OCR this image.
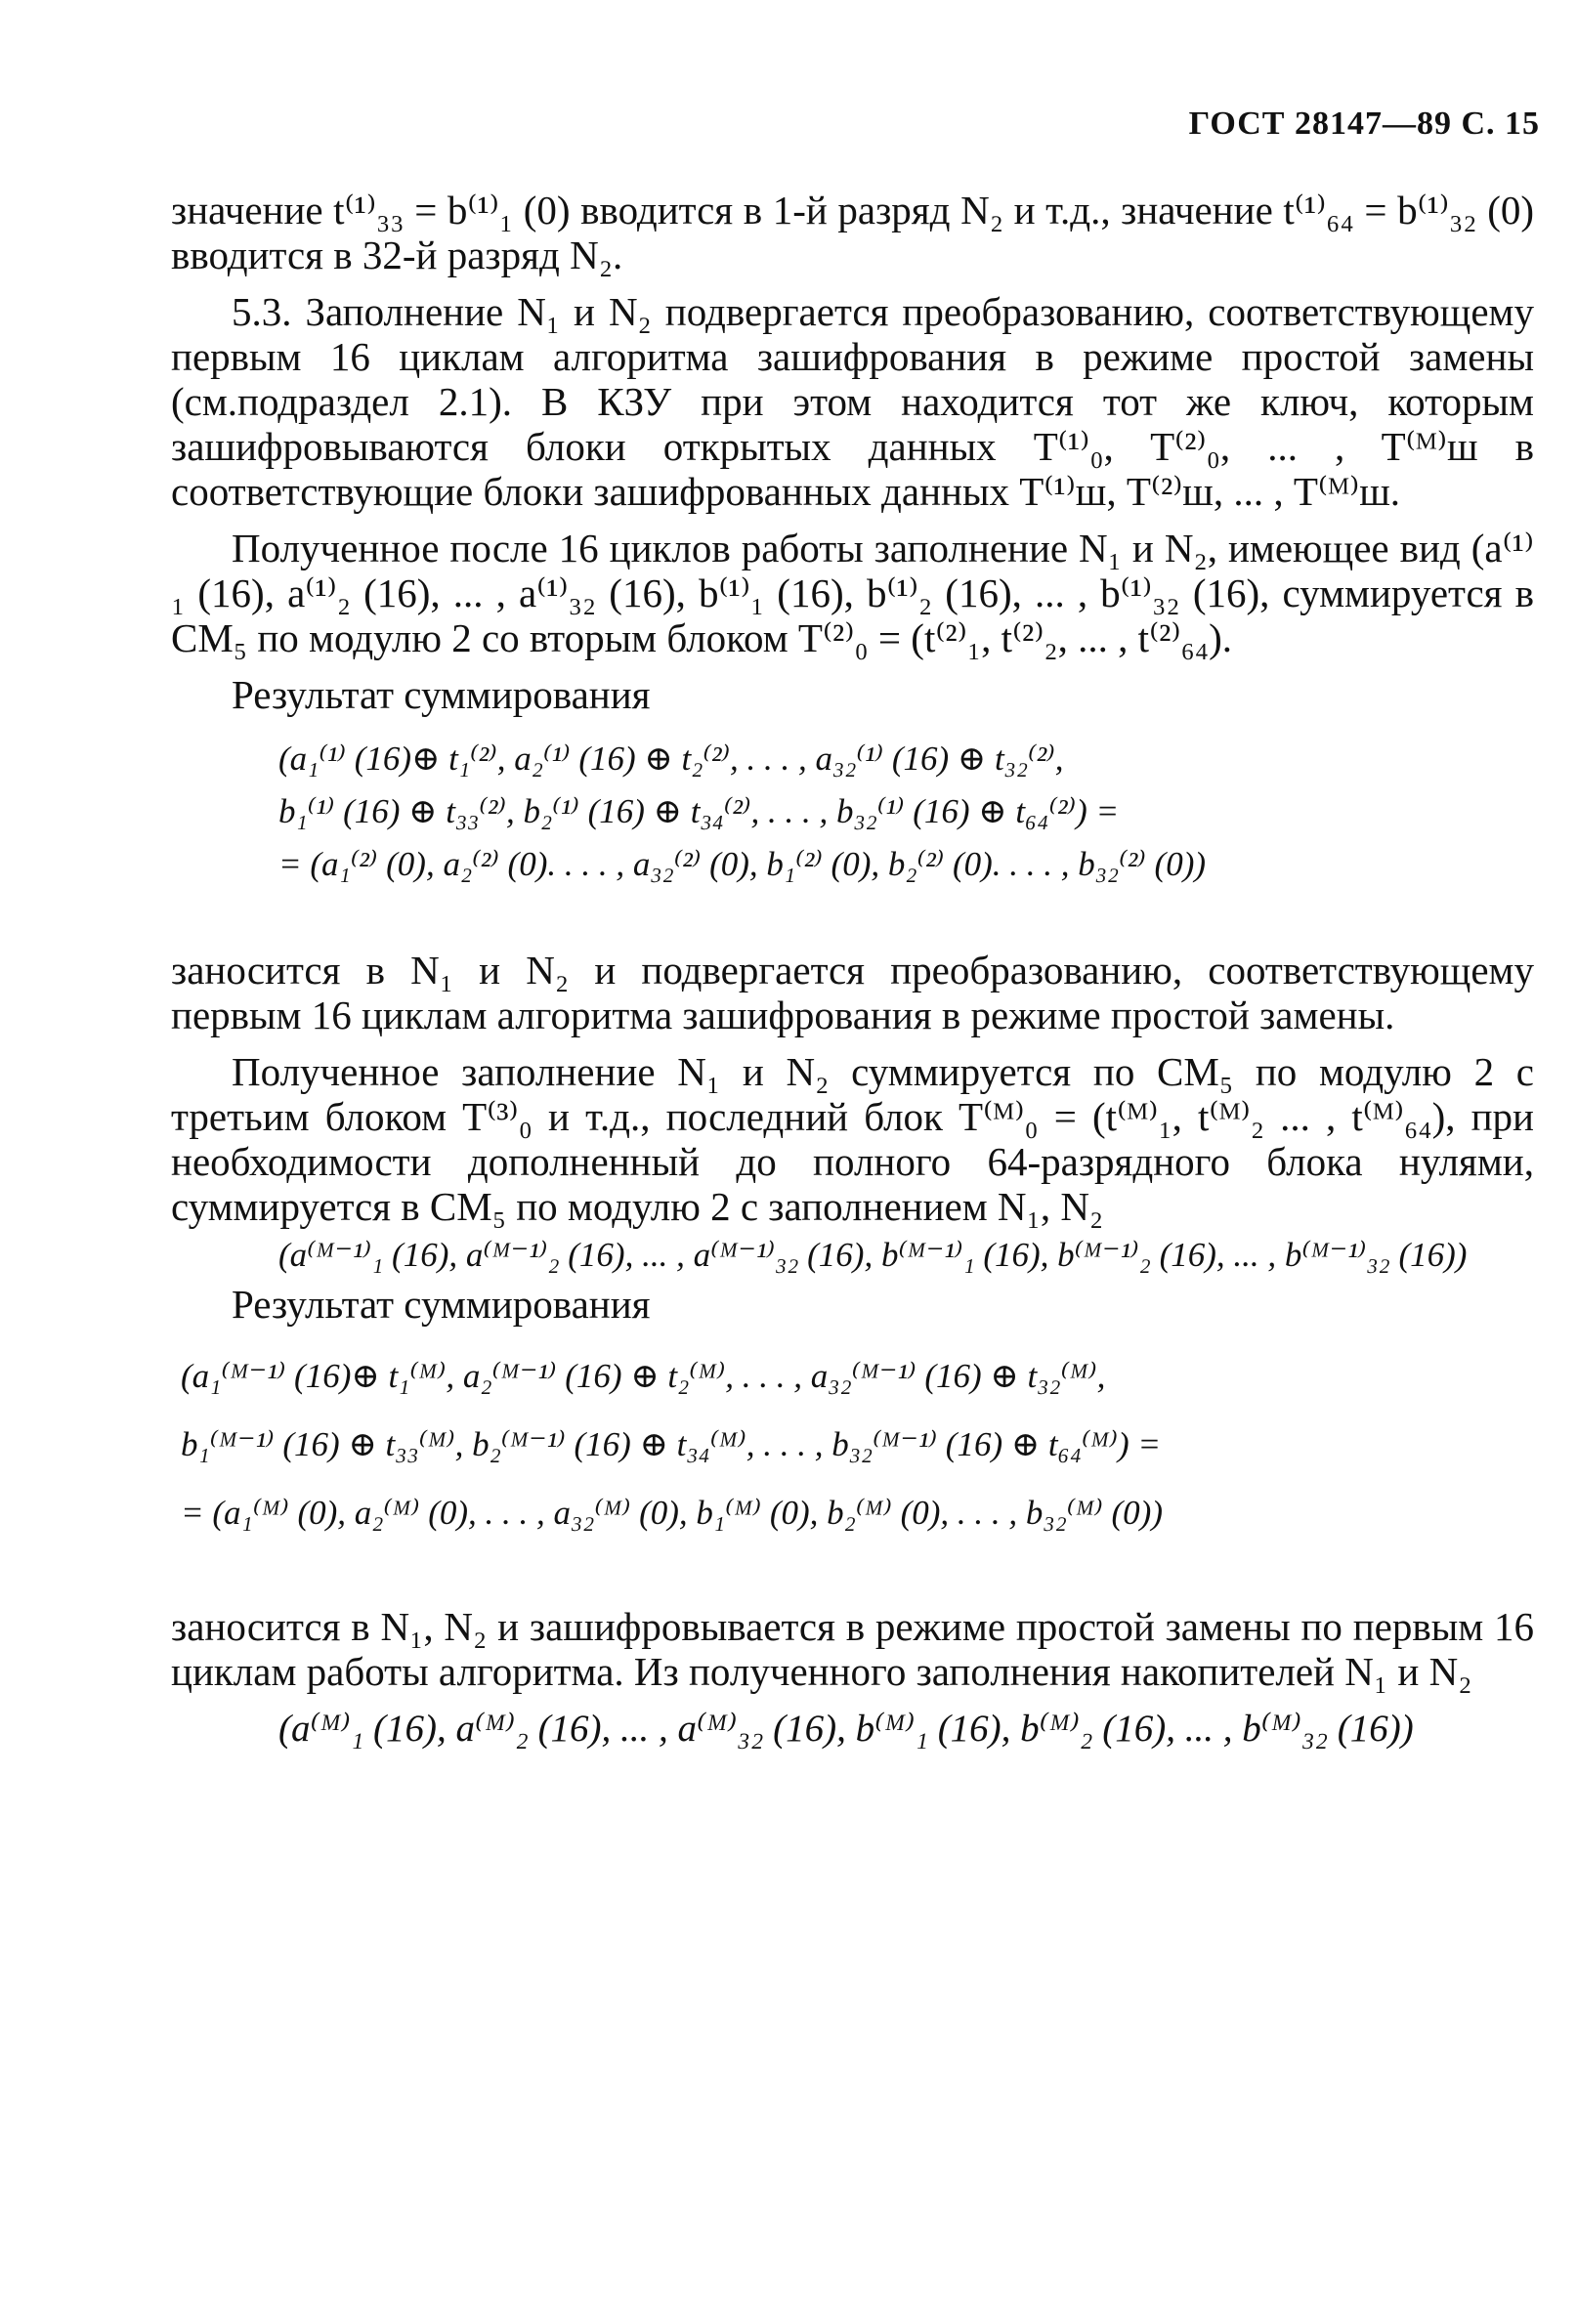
ГОСТ 28147—89 С. 15

значение t⁽¹⁾₃₃ = b⁽¹⁾₁ (0) вводится в 1-й разряд N₂ и т.д., значение t⁽¹⁾₆₄ = b⁽¹⁾₃₂ (0) вводится в 32-й разряд N₂.

5.3. Заполнение N₁ и N₂ подвергается преобразованию, соответствующему первым 16 циклам алгоритма зашифрования в режиме простой замены (см.подраздел 2.1). В КЗУ при этом находится тот же ключ, которым зашифровываются блоки открытых данных T⁽¹⁾₀, T⁽²⁾₀, ... , T⁽ᴹ⁾ш в соответствующие блоки зашифрованных данных T⁽¹⁾ш, T⁽²⁾ш, ... , T⁽ᴹ⁾ш.

Полученное после 16 циклов работы заполнение N₁ и N₂, имеющее вид (a⁽¹⁾₁ (16), a⁽¹⁾₂ (16), ... , a⁽¹⁾₃₂ (16), b⁽¹⁾₁ (16), b⁽¹⁾₂ (16), ... , b⁽¹⁾₃₂ (16), суммируется в CM₅ по модулю 2 со вторым блоком T⁽²⁾₀ = (t⁽²⁾₁, t⁽²⁾₂, ... , t⁽²⁾₆₄).

Результат суммирования

(a₁⁽¹⁾ (16)⊕ t₁⁽²⁾, a₂⁽¹⁾ (16) ⊕ t₂⁽²⁾, . . . , a₃₂⁽¹⁾ (16) ⊕ t₃₂⁽²⁾,
b₁⁽¹⁾ (16) ⊕ t₃₃⁽²⁾, b₂⁽¹⁾ (16) ⊕ t₃₄⁽²⁾, . . . , b₃₂⁽¹⁾ (16) ⊕ t₆₄⁽²⁾) =
= (a₁⁽²⁾ (0), a₂⁽²⁾ (0). . . . , a₃₂⁽²⁾ (0), b₁⁽²⁾ (0), b₂⁽²⁾ (0). . . . , b₃₂⁽²⁾ (0))

заносится в N₁ и N₂ и подвергается преобразованию, соответствующему первым 16 циклам алгоритма зашифрования в режиме простой замены.

Полученное заполнение N₁ и N₂ суммируется по CM₅ по модулю 2 с третьим блоком T⁽³⁾₀ и т.д., последний блок T⁽ᴹ⁾₀ = (t⁽ᴹ⁾₁, t⁽ᴹ⁾₂ ... , t⁽ᴹ⁾₆₄), при необходимости дополненный до полного 64-разрядного блока нулями, суммируется в CM₅ по модулю 2 с заполнением N₁, N₂

(a⁽ᴹ⁻¹⁾₁ (16), a⁽ᴹ⁻¹⁾₂ (16), ... , a⁽ᴹ⁻¹⁾₃₂ (16), b⁽ᴹ⁻¹⁾₁ (16), b⁽ᴹ⁻¹⁾₂ (16), ... , b⁽ᴹ⁻¹⁾₃₂ (16))

Результат суммирования

(a₁⁽ᴹ⁻¹⁾ (16)⊕ t₁⁽ᴹ⁾, a₂⁽ᴹ⁻¹⁾ (16) ⊕ t₂⁽ᴹ⁾, . . . , a₃₂⁽ᴹ⁻¹⁾ (16) ⊕ t₃₂⁽ᴹ⁾,
b₁⁽ᴹ⁻¹⁾ (16) ⊕ t₃₃⁽ᴹ⁾, b₂⁽ᴹ⁻¹⁾ (16) ⊕ t₃₄⁽ᴹ⁾, . . . , b₃₂⁽ᴹ⁻¹⁾ (16) ⊕ t₆₄⁽ᴹ⁾) =
= (a₁⁽ᴹ⁾ (0), a₂⁽ᴹ⁾ (0), . . . , a₃₂⁽ᴹ⁾ (0), b₁⁽ᴹ⁾ (0), b₂⁽ᴹ⁾ (0), . . . , b₃₂⁽ᴹ⁾ (0))

заносится в N₁, N₂ и зашифровывается в режиме простой замены по первым 16 циклам работы алгоритма. Из полученного заполнения накопителей N₁ и N₂

(a⁽ᴹ⁾₁ (16), a⁽ᴹ⁾₂ (16), ... , a⁽ᴹ⁾₃₂ (16), b⁽ᴹ⁾₁ (16), b⁽ᴹ⁾₂ (16), ... , b⁽ᴹ⁾₃₂ (16))
